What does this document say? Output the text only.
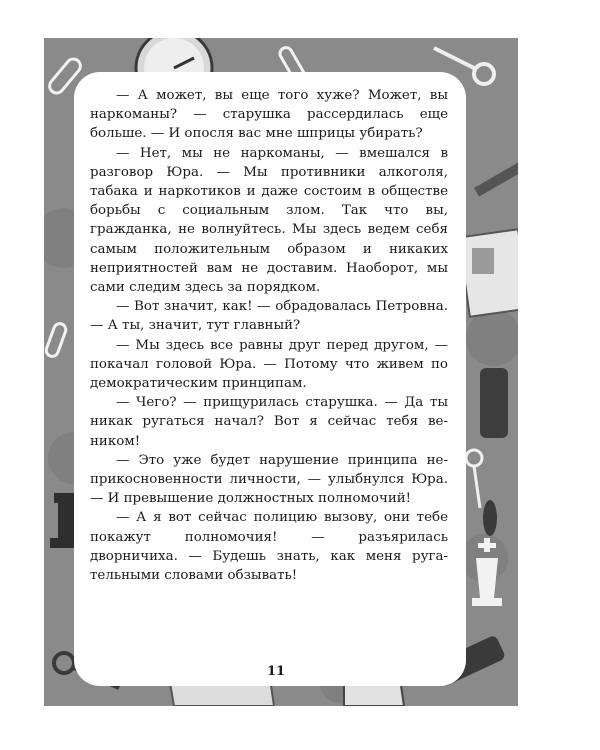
— А может, вы еще того хуже? Может, вы наркоманы? — старушка рассердилась еще больше. — И опосля вас мне шприцы убирать?

— Нет, мы не наркоманы, — вмешался в разговор Юра. — Мы противники алкоголя, табака и наркотиков и даже состоим в обществе борьбы с социальным злом. Так что вы, гражданка, не волнуйтесь. Мы здесь ведем себя самым положительным образом и никаких неприятностей вам не доставим. Наоборот, мы сами следим здесь за порядком.

— Вот значит, как! — обрадовалась Петровна. — А ты, значит, тут главный?

— Мы здесь все равны друг перед другом, — покачал головой Юра. — Потому что живем по демократическим принципам.

— Чего? — прищурилась старушка. — Да ты никак ругаться начал? Вот я сейчас тебя веником!

— Это уже будет нарушение принципа неприкосновенности личности, — улыбнулся Юра. — И превышение должностных полномочий!

— А я вот сейчас полицию вызову, они тебе покажут полномочия! — разъярилась дворничиха. — Будешь знать, как меня ругательными словами обзывать!

11
